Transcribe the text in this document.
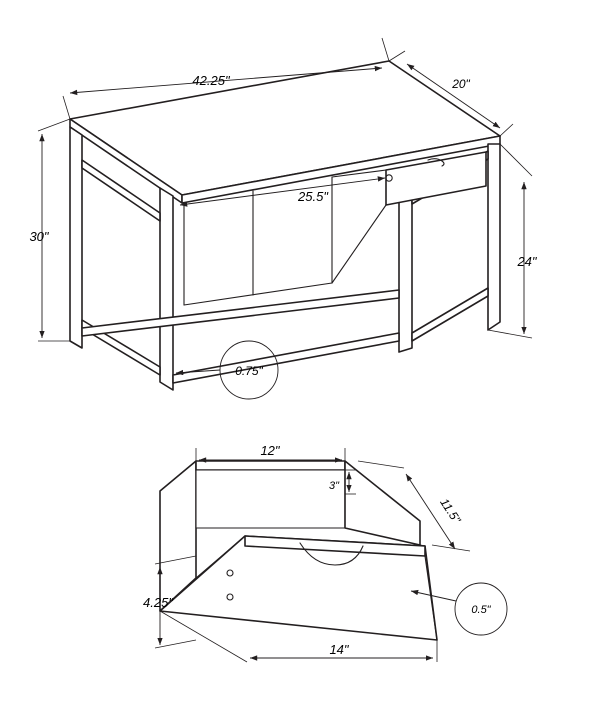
42.25"	20"
30"
25.5"
24"
0.75"
12"
3"
11.5"
4.25"
14"
0.5"
